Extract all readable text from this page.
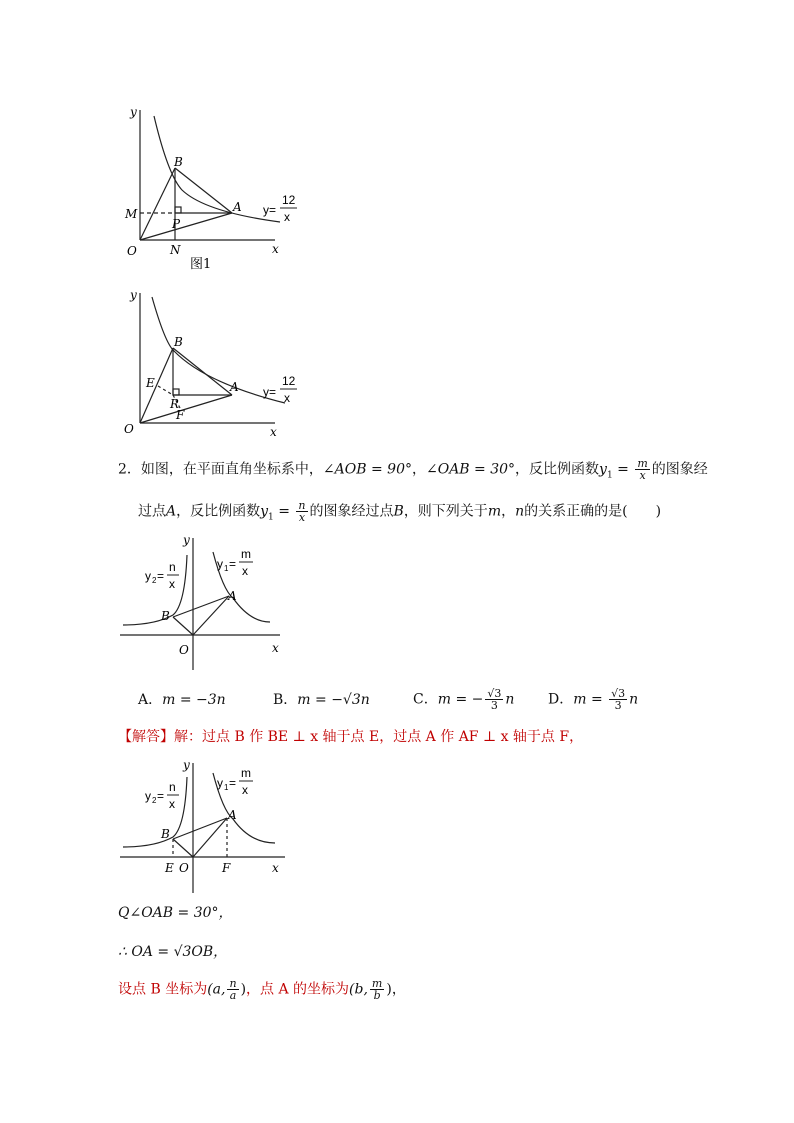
y
x
O
B
A
M
P
N
y=
12
x
图1
y
x
O
B
A
E
R
F
y=
12
x
2．如图，在平面直角坐标系中，∠AOB = 90°，∠OAB = 30°，反比例函数$y_1 = \frac{m}{x}$ 的图象经
过点A，反比例函数$y_1 = \frac{n}{x}$ 的图象经过点B，则下列关于m，n的关系正确的是(　　)
y
x
O
B
A
y 2 =
n
x
y 1 =
m
x
A．m = −3n	B．m = −√3n	C．m = − $\frac{√3}{3}$ n D．$m = \frac{√3}{3}$ n
【解答】解：过点 B 作 BE ⊥ x 轴于点 E，过点 A 作 AF ⊥ x 轴于点 F，
y
x
O
E	F
B
A
y 2 =
n
x
y 1 =
m
x
Q∠OAB = 30°，
∴ OA = √3OB，
设点 B 坐标为(a, $\frac{n}{a}$ )，点 A 的坐标为(b, $\frac{m}{b}$ )，
